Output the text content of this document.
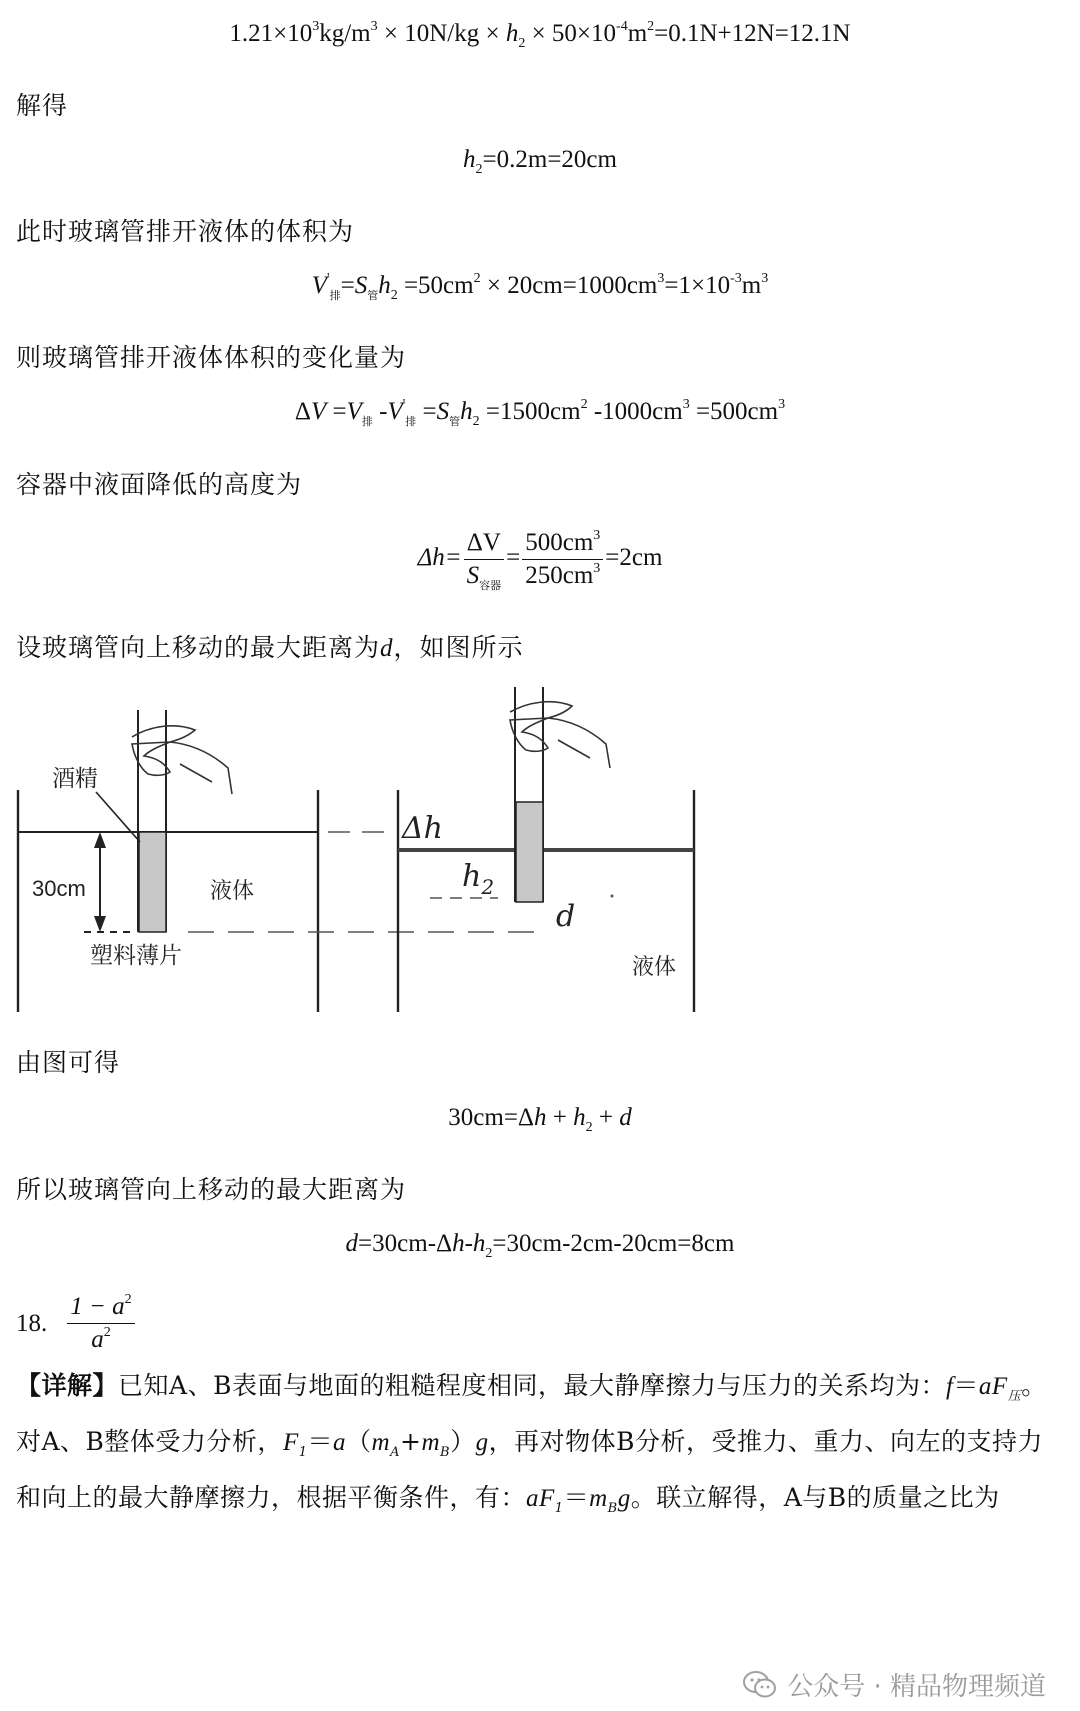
$1.21\times 10^3kg/m^3 \times 10N/kg \times h_2 \times 50\times 10^{-4}m^2=0.1N+12N=12.1N$
解得
$h_2=0.2m=20cm$
此时玻璃管排开液体的体积为
$V'_排=S_管h_2 =50cm^2 \times 20cm=1000cm^3=1\times 10^{-3}m^3$
则玻璃管排开液体体积的变化量为
$\Delta V =V_排$ $-V'_排 =S_管h_2 =1500cm^2$ $-1000cm^3 =500cm^3$
容器中液面降低的高度为
$\Delta h= \frac{\Delta V}{S_{容器}} = \frac{500cm^3}{250cm^3} =2cm$
设玻璃管向上移动的最大距离为d，如图所示
酒精
30cm	液体
塑料薄片
Δh
$h_2$
d
液体
由图可得
$30cm=\Delta h + h_2 + d$
所以玻璃管向上移动的最大距离为
$d=30cm-\Delta h-h_2=30cm-2cm-20cm=8cm$
18. $\frac{1 - a^2}{a^2}$
【详解】已知A、B表面与地面的粗糙程度相同，最大静摩擦力与压力的关系均为：$f=aF_压$。对A、B整体受力分析，$F_1=a(m_A+m_B)g$，再对物体B分析，受推力、重力、向左的支持力和向上的最大静摩擦力，根据平衡条件，有：$aF_1=m_Bg$。联立解得，A与B的质量之比为
公众号 · 精品物理频道
